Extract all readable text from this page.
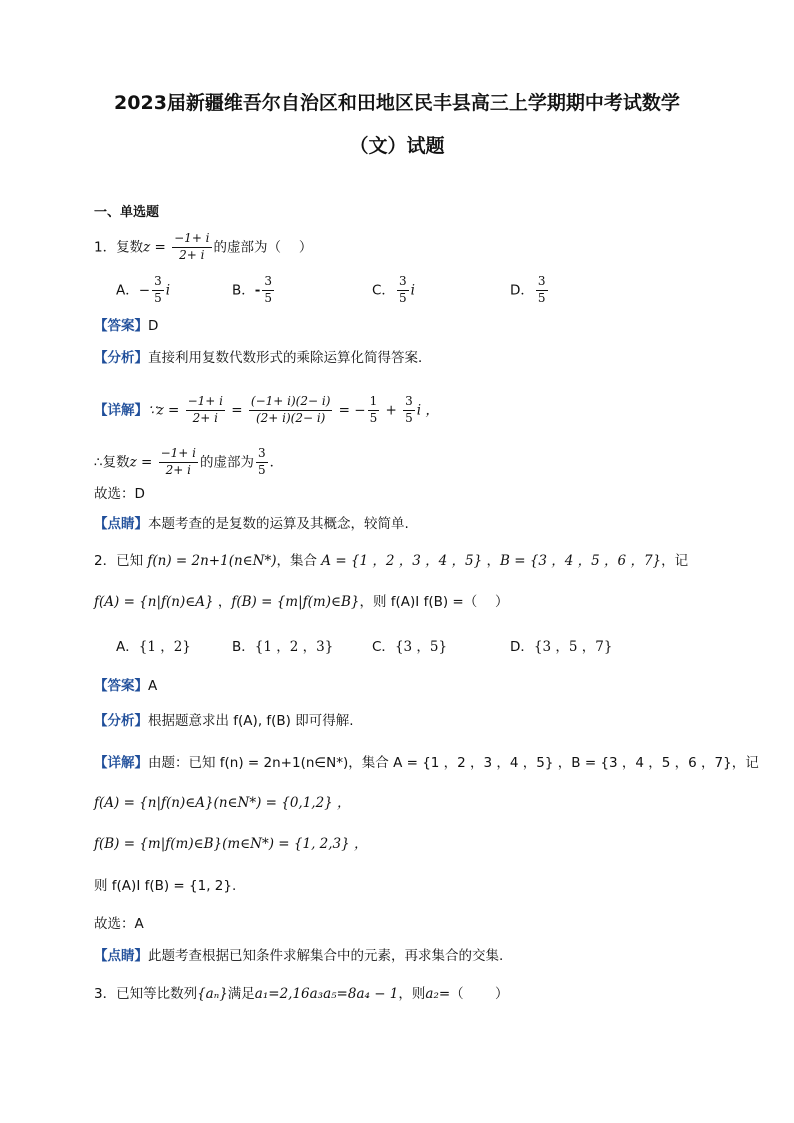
2023届新疆维吾尔自治区和田地区民丰县高三上学期期中考试数学
（文）试题
一、单选题
1．复数$z = \frac{-1+ i}{2+ i}$ 的虚部为（　 ）
A．− $\frac{3}{5}$ i	B．- $\frac{3}{5}$	C． $\frac{3}{5}$ i	D． $\frac{3}{5}$
【答案】D
【分析】直接利用复数代数形式的乘除运算化简得答案．
【详解】∵z = $\frac{-1+ i}{2+ i} = \frac{(-1+ i)(2- i)}{(2+ i)(2- i)}$ = − $\frac{1}{5} + \frac{3}{5}$ i ，
∴复数$z = \frac{-1+ i}{2+ i}$ 的虚部为 $\frac{3}{5}$ ．
故选：D
【点睛】本题考查的是复数的运算及其概念，较简单.
2．已知 f(n) = 2n+1(n∈N*)，集合 A = {1 ，2 ，3 ，4 ，5} ，B = {3 ，4 ，5 ，6 ，7}，记
f(A) = {n|f(n)∈A} ，f(B) = {m|f(m)∈B}，则 f(A)I f(B) =（　 ）
A．{1 ，2}	B．{1 ，2 ，3}	C．{3 ，5}	D．{3 ，5 ，7}
【答案】A
【分析】根据题意求出 f(A), f(B) 即可得解.
【详解】由题：已知 f(n) = 2n+1(n∈N*)，集合 A = {1 ，2 ，3 ，4 ，5} ，B = {3 ，4 ，5 ，6 ，7}，记
f(A) = {n|f(n)∈A}(n∈N*) = {0,1,2} ，
f(B) = {m|f(m)∈B}(m∈N*) = {1, 2,3} ，
则 f(A)I f(B) = {1, 2}.
故选：A
【点睛】此题考查根据已知条件求解集合中的元素，再求集合的交集.
3．已知等比数列{aₙ}满足a₁=2,16a₃a₅=8a₄ − 1，则a₂=（　　 ）
